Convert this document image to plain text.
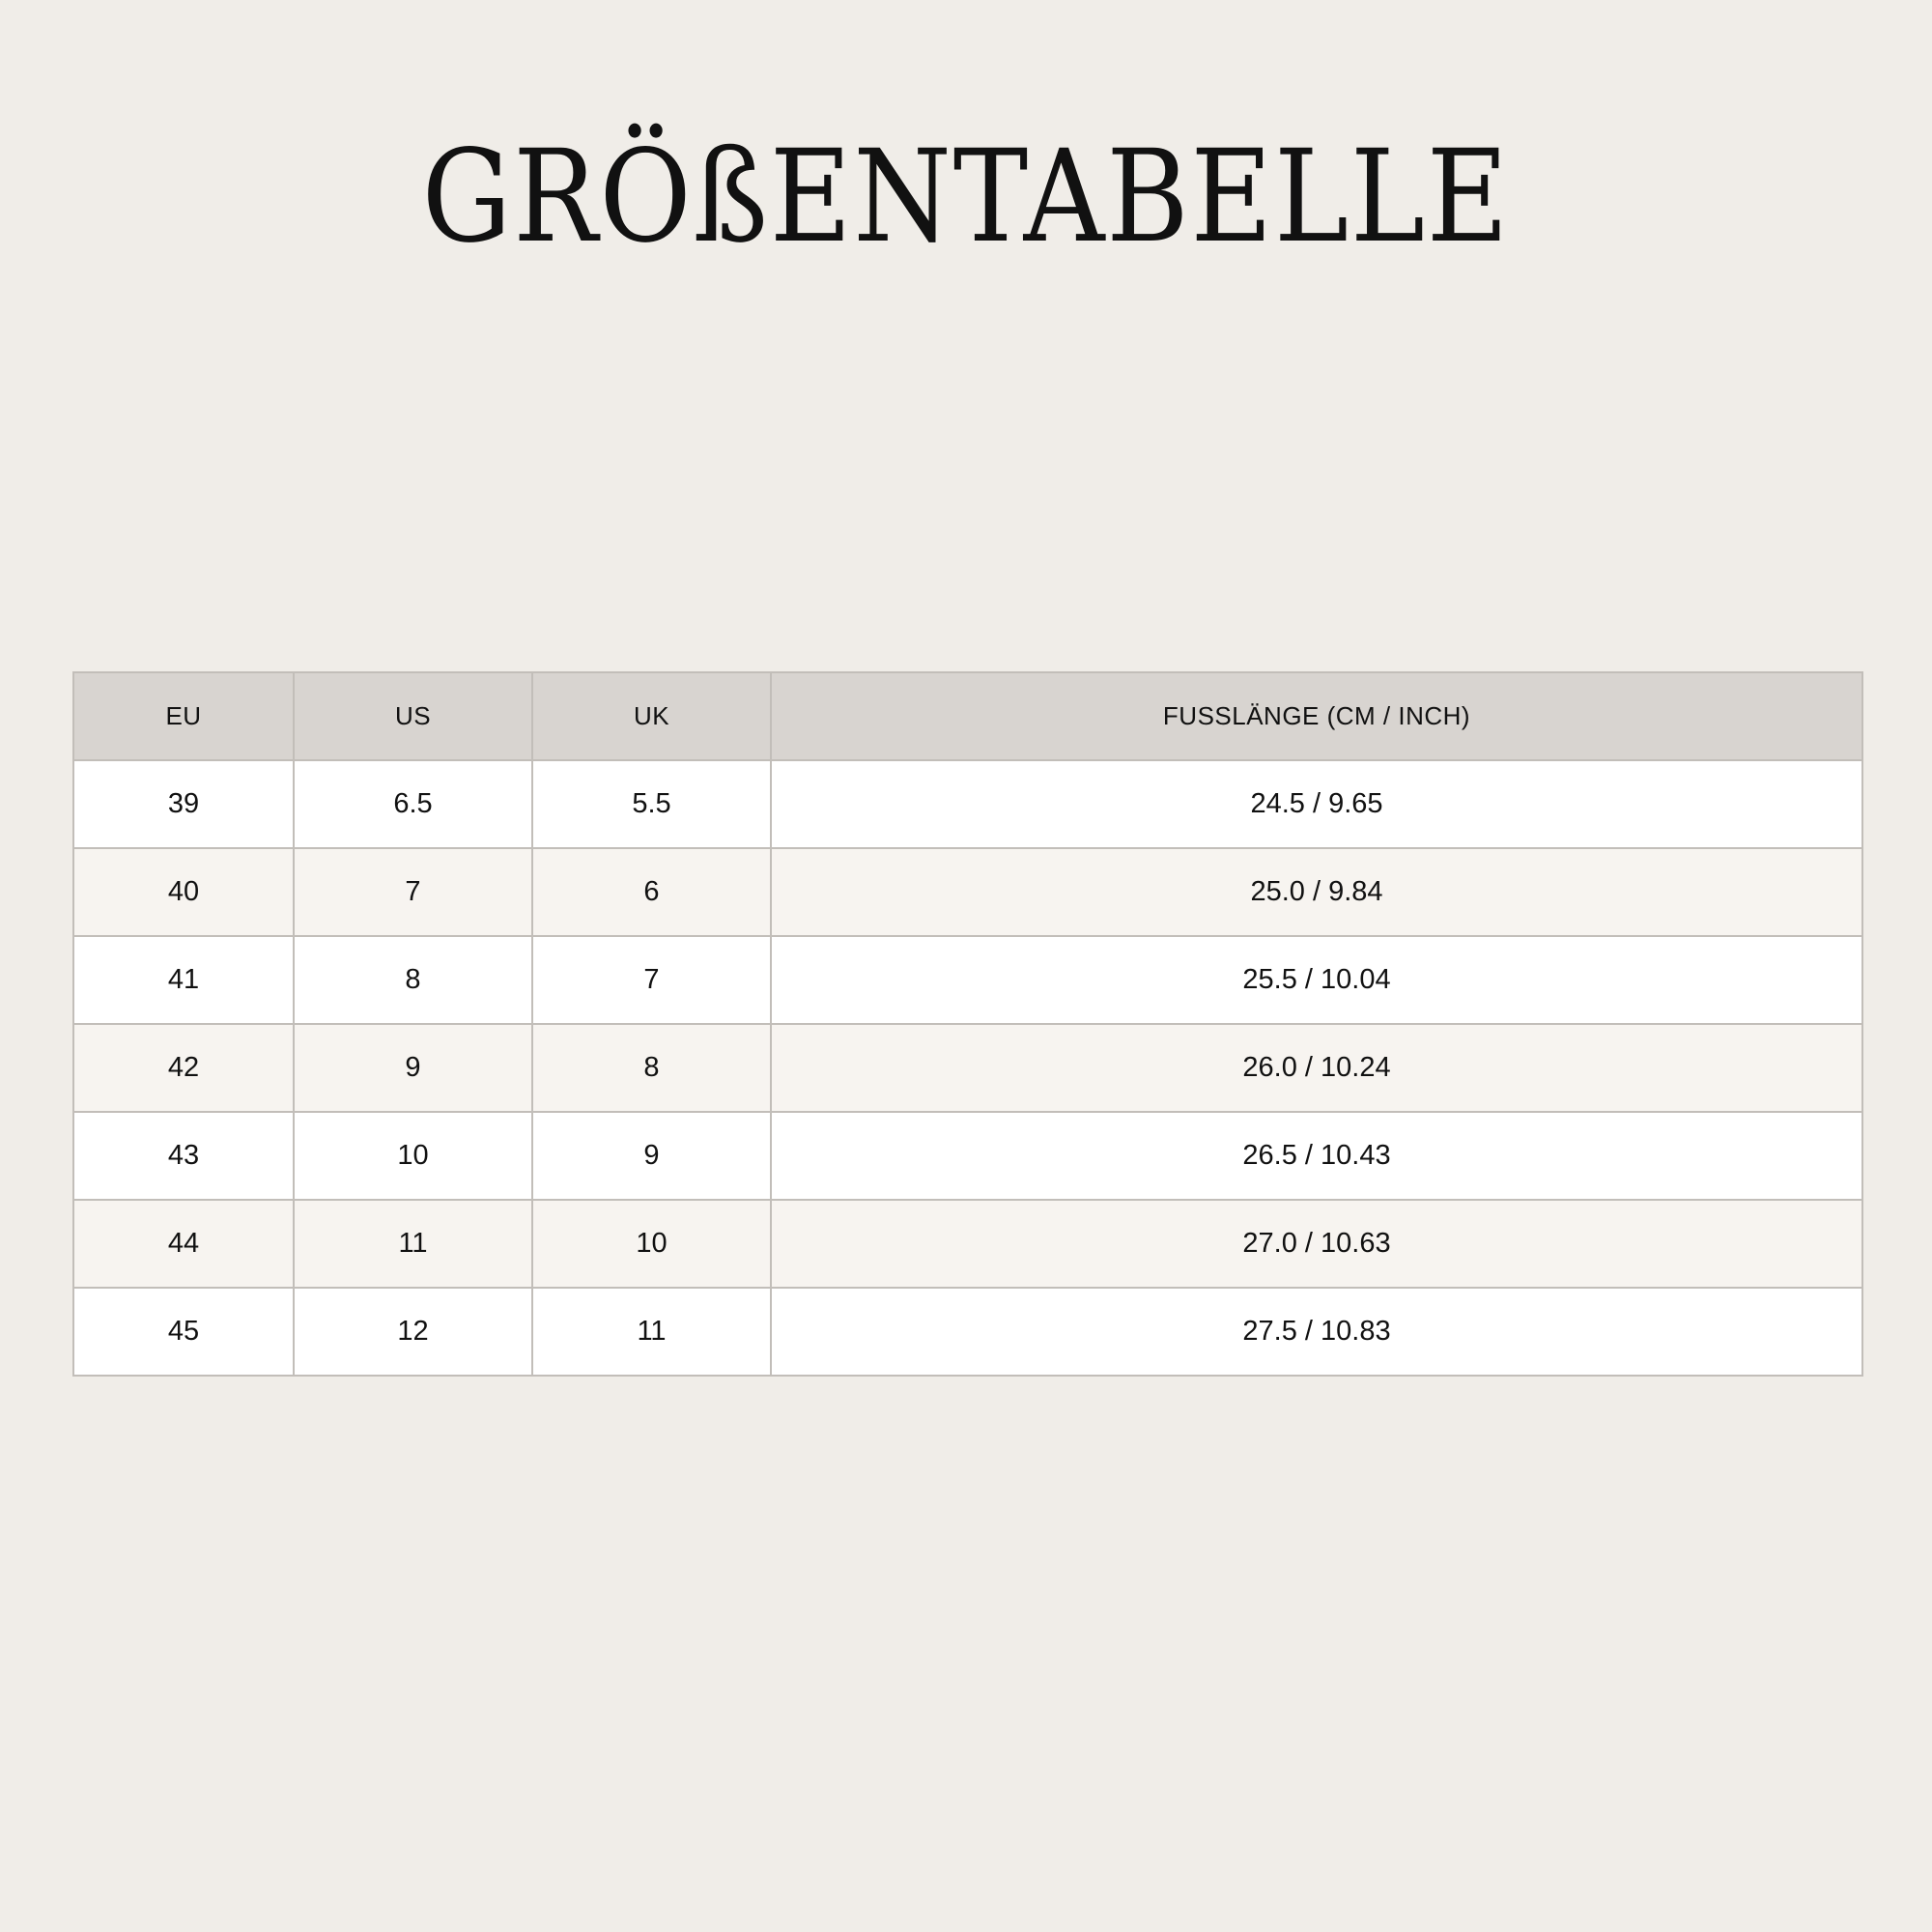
GRÖßENTABELLE
EU	US	UK	FUSSLÄNGE (CM / INCH)
39	6.5	5.5	24.5 / 9.65
40	7	6	25.0 / 9.84
41	8	7	25.5 / 10.04
42	9	8	26.0 / 10.24
43	10	9	26.5 / 10.43
44	11	10	27.0 / 10.63
45	12	11	27.5 / 10.83
